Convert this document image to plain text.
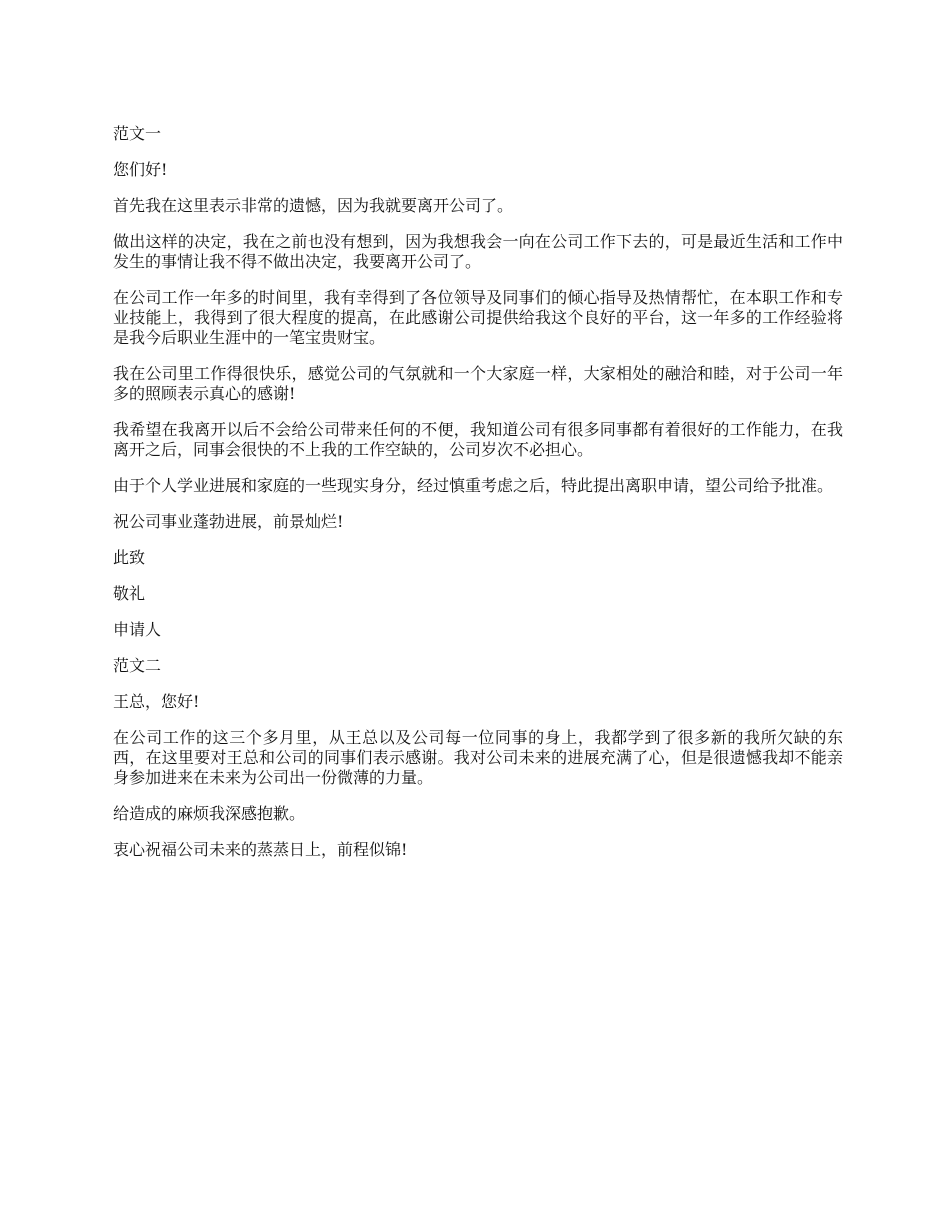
范文一

您们好!

首先我在这里表示非常的遗憾，因为我就要离开公司了。

做出这样的决定，我在之前也没有想到，因为我想我会一向在公司工作下去的，可是最近生活和工作中发生的事情让我不得不做出决定，我要离开公司了。

在公司工作一年多的时间里，我有幸得到了各位领导及同事们的倾心指导及热情帮忙，在本职工作和专业技能上，我得到了很大程度的提高，在此感谢公司提供给我这个良好的平台，这一年多的工作经验将是我今后职业生涯中的一笔宝贵财宝。

我在公司里工作得很快乐，感觉公司的气氛就和一个大家庭一样，大家相处的融洽和睦，对于公司一年多的照顾表示真心的感谢!

我希望在我离开以后不会给公司带来任何的不便，我知道公司有很多同事都有着很好的工作能力，在我离开之后，同事会很快的不上我的工作空缺的，公司岁次不必担心。

由于个人学业进展和家庭的一些现实身分，经过慎重考虑之后，特此提出离职申请，望公司给予批准。

祝公司事业蓬勃进展，前景灿烂!

此致

敬礼

申请人

范文二

王总，您好!

在公司工作的这三个多月里，从王总以及公司每一位同事的身上，我都学到了很多新的我所欠缺的东西，在这里要对王总和公司的同事们表示感谢。我对公司未来的进展充满了心，但是很遗憾我却不能亲身参加进来在未来为公司出一份微薄的力量。

给造成的麻烦我深感抱歉。

衷心祝福公司未来的蒸蒸日上，前程似锦!
